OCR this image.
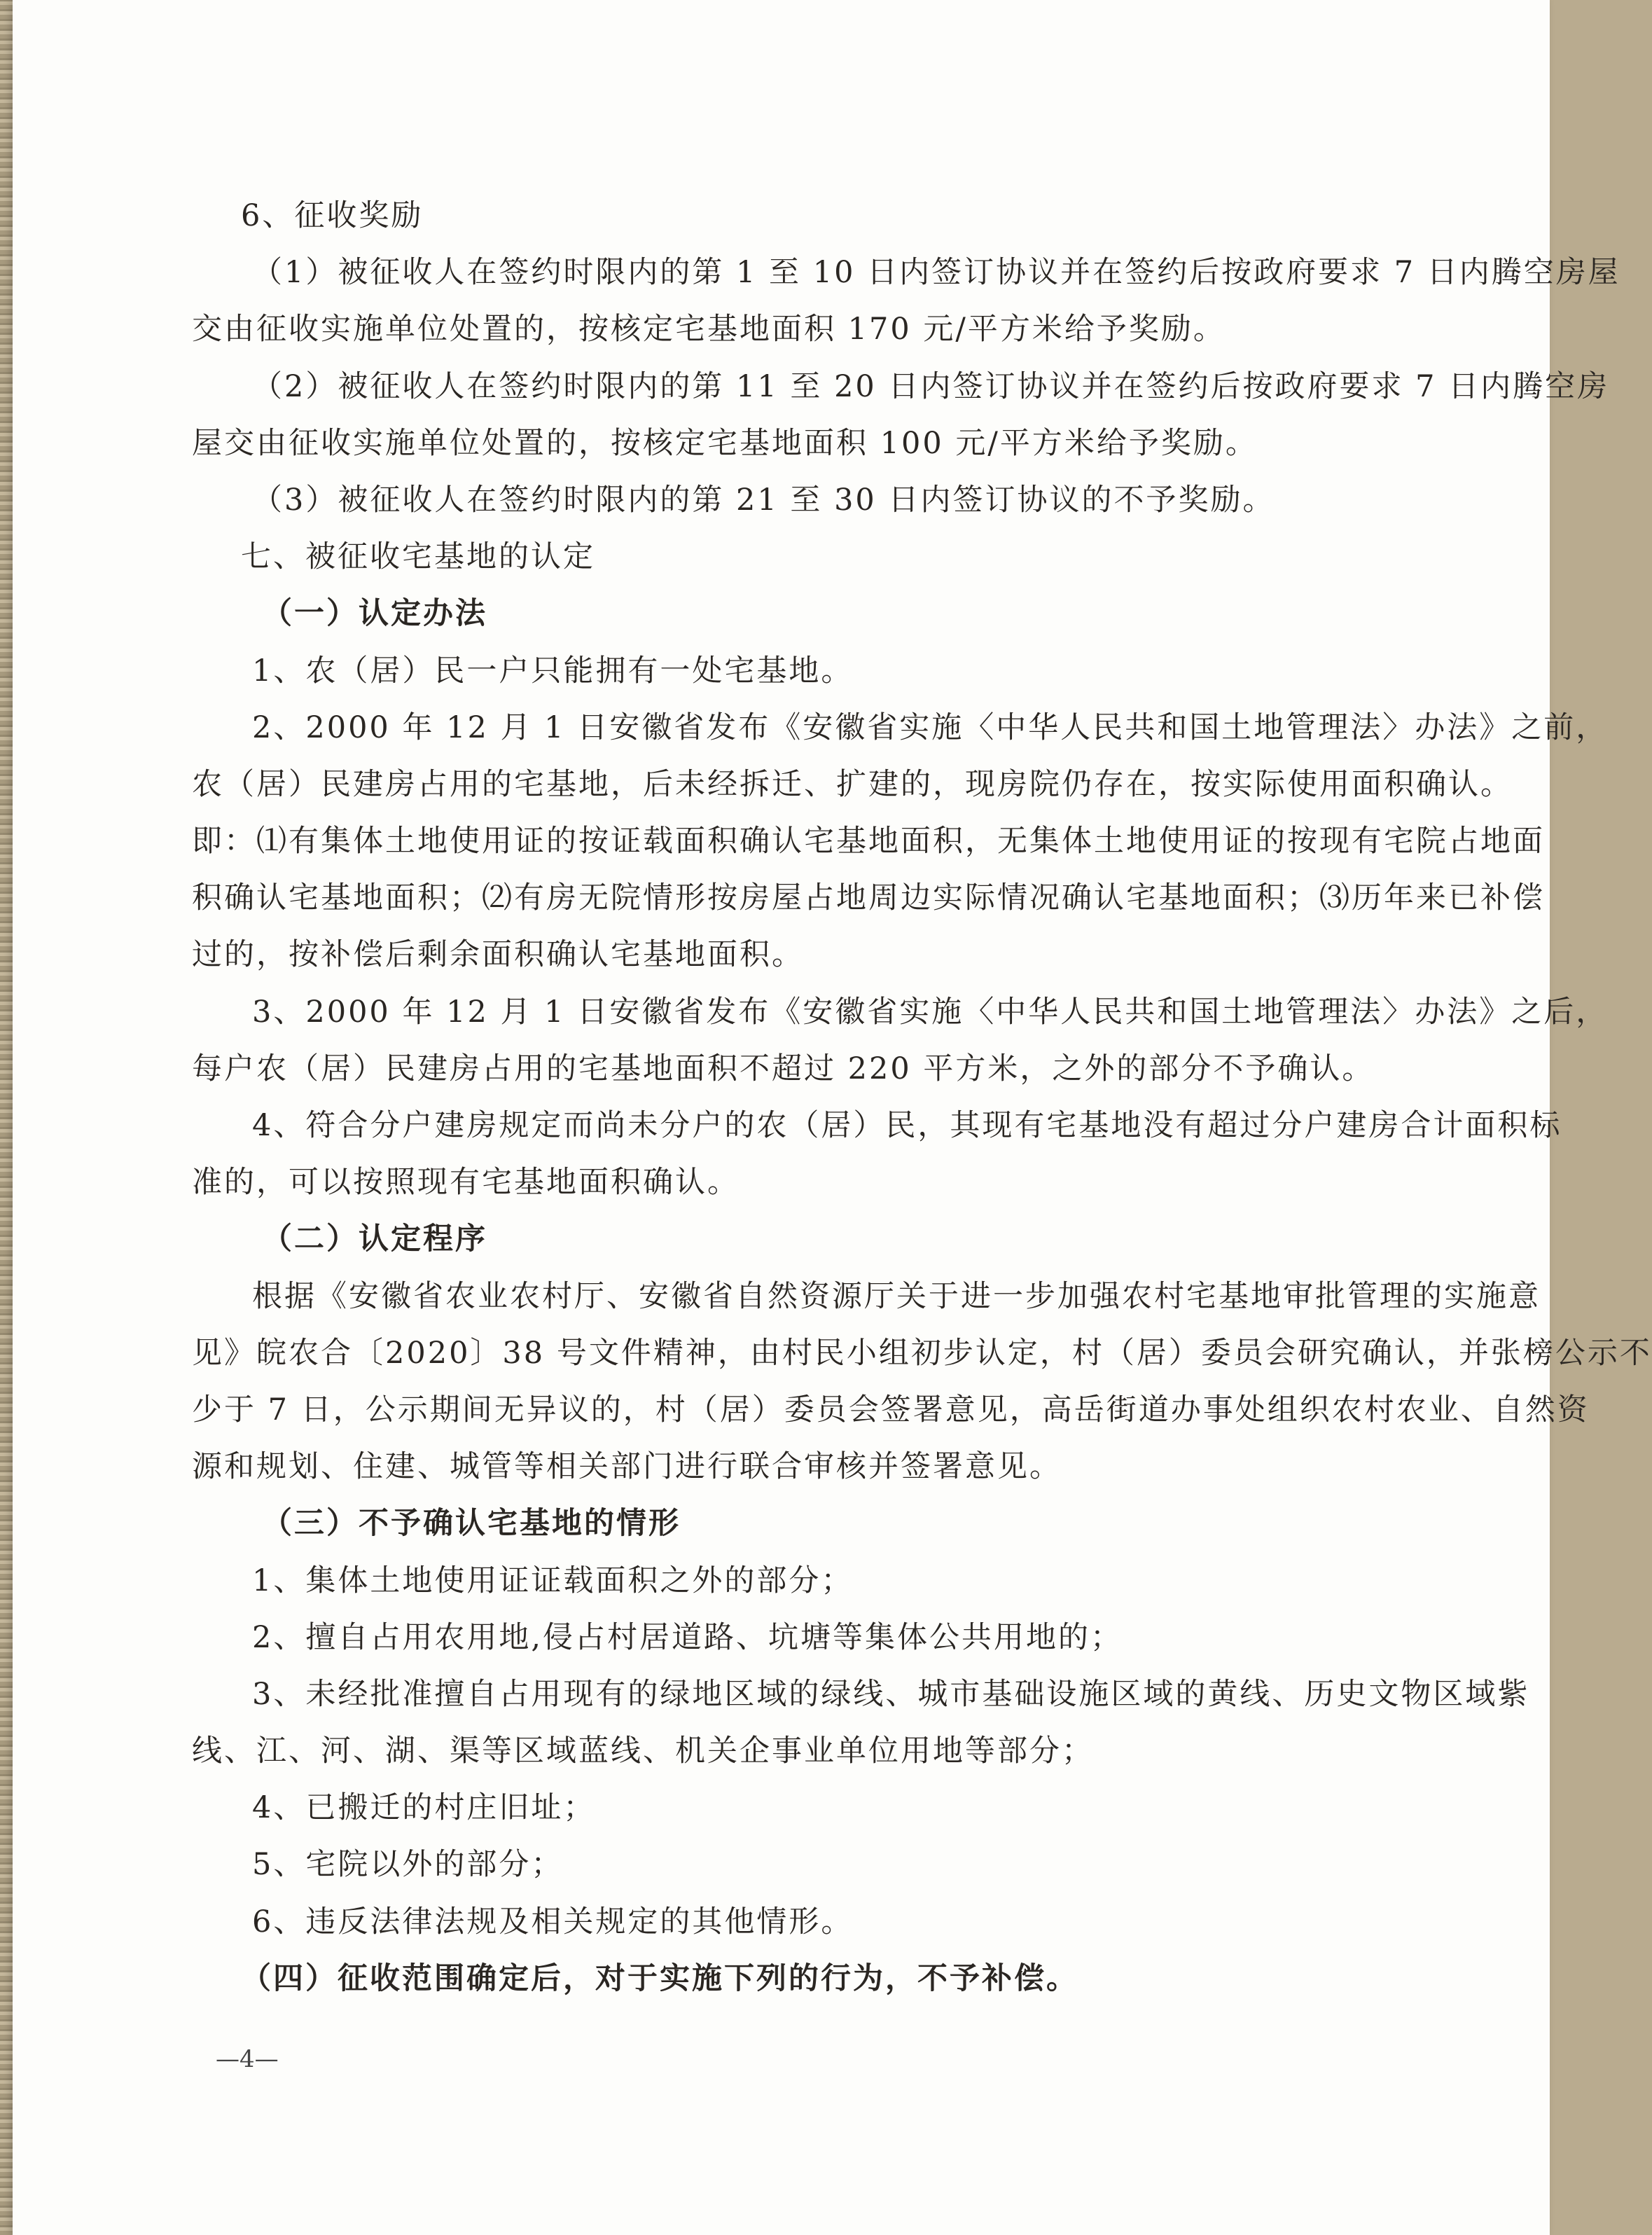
6、征收奖励
（1）被征收人在签约时限内的第 1 至 10 日内签订协议并在签约后按政府要求 7 日内腾空房屋
交由征收实施单位处置的，按核定宅基地面积 170 元/平方米给予奖励。
（2）被征收人在签约时限内的第 11 至 20 日内签订协议并在签约后按政府要求 7 日内腾空房
屋交由征收实施单位处置的，按核定宅基地面积 100 元/平方米给予奖励。
（3）被征收人在签约时限内的第 21 至 30 日内签订协议的不予奖励。
七、被征收宅基地的认定
（一）认定办法
1、农（居）民一户只能拥有一处宅基地。
2、2000 年 12 月 1 日安徽省发布《安徽省实施〈中华人民共和国土地管理法〉办法》之前，
农（居）民建房占用的宅基地，后未经拆迁、扩建的，现房院仍存在，按实际使用面积确认。
即：⑴有集体土地使用证的按证载面积确认宅基地面积，无集体土地使用证的按现有宅院占地面
积确认宅基地面积；⑵有房无院情形按房屋占地周边实际情况确认宅基地面积；⑶历年来已补偿
过的，按补偿后剩余面积确认宅基地面积。
3、2000 年 12 月 1 日安徽省发布《安徽省实施〈中华人民共和国土地管理法〉办法》之后，
每户农（居）民建房占用的宅基地面积不超过 220 平方米，之外的部分不予确认。
4、符合分户建房规定而尚未分户的农（居）民，其现有宅基地没有超过分户建房合计面积标
准的，可以按照现有宅基地面积确认。
（二）认定程序
根据《安徽省农业农村厅、安徽省自然资源厅关于进一步加强农村宅基地审批管理的实施意
见》皖农合〔2020〕38 号文件精神，由村民小组初步认定，村（居）委员会研究确认，并张榜公示不
少于 7 日，公示期间无异议的，村（居）委员会签署意见，高岳街道办事处组织农村农业、自然资
源和规划、住建、城管等相关部门进行联合审核并签署意见。
（三）不予确认宅基地的情形
1、集体土地使用证证载面积之外的部分；
2、擅自占用农用地,侵占村居道路、坑塘等集体公共用地的；
3、未经批准擅自占用现有的绿地区域的绿线、城市基础设施区域的黄线、历史文物区域紫
线、江、河、湖、渠等区域蓝线、机关企事业单位用地等部分；
4、已搬迁的村庄旧址；
5、宅院以外的部分；
6、违反法律法规及相关规定的其他情形。
（四）征收范围确定后，对于实施下列的行为，不予补偿。
—4—
